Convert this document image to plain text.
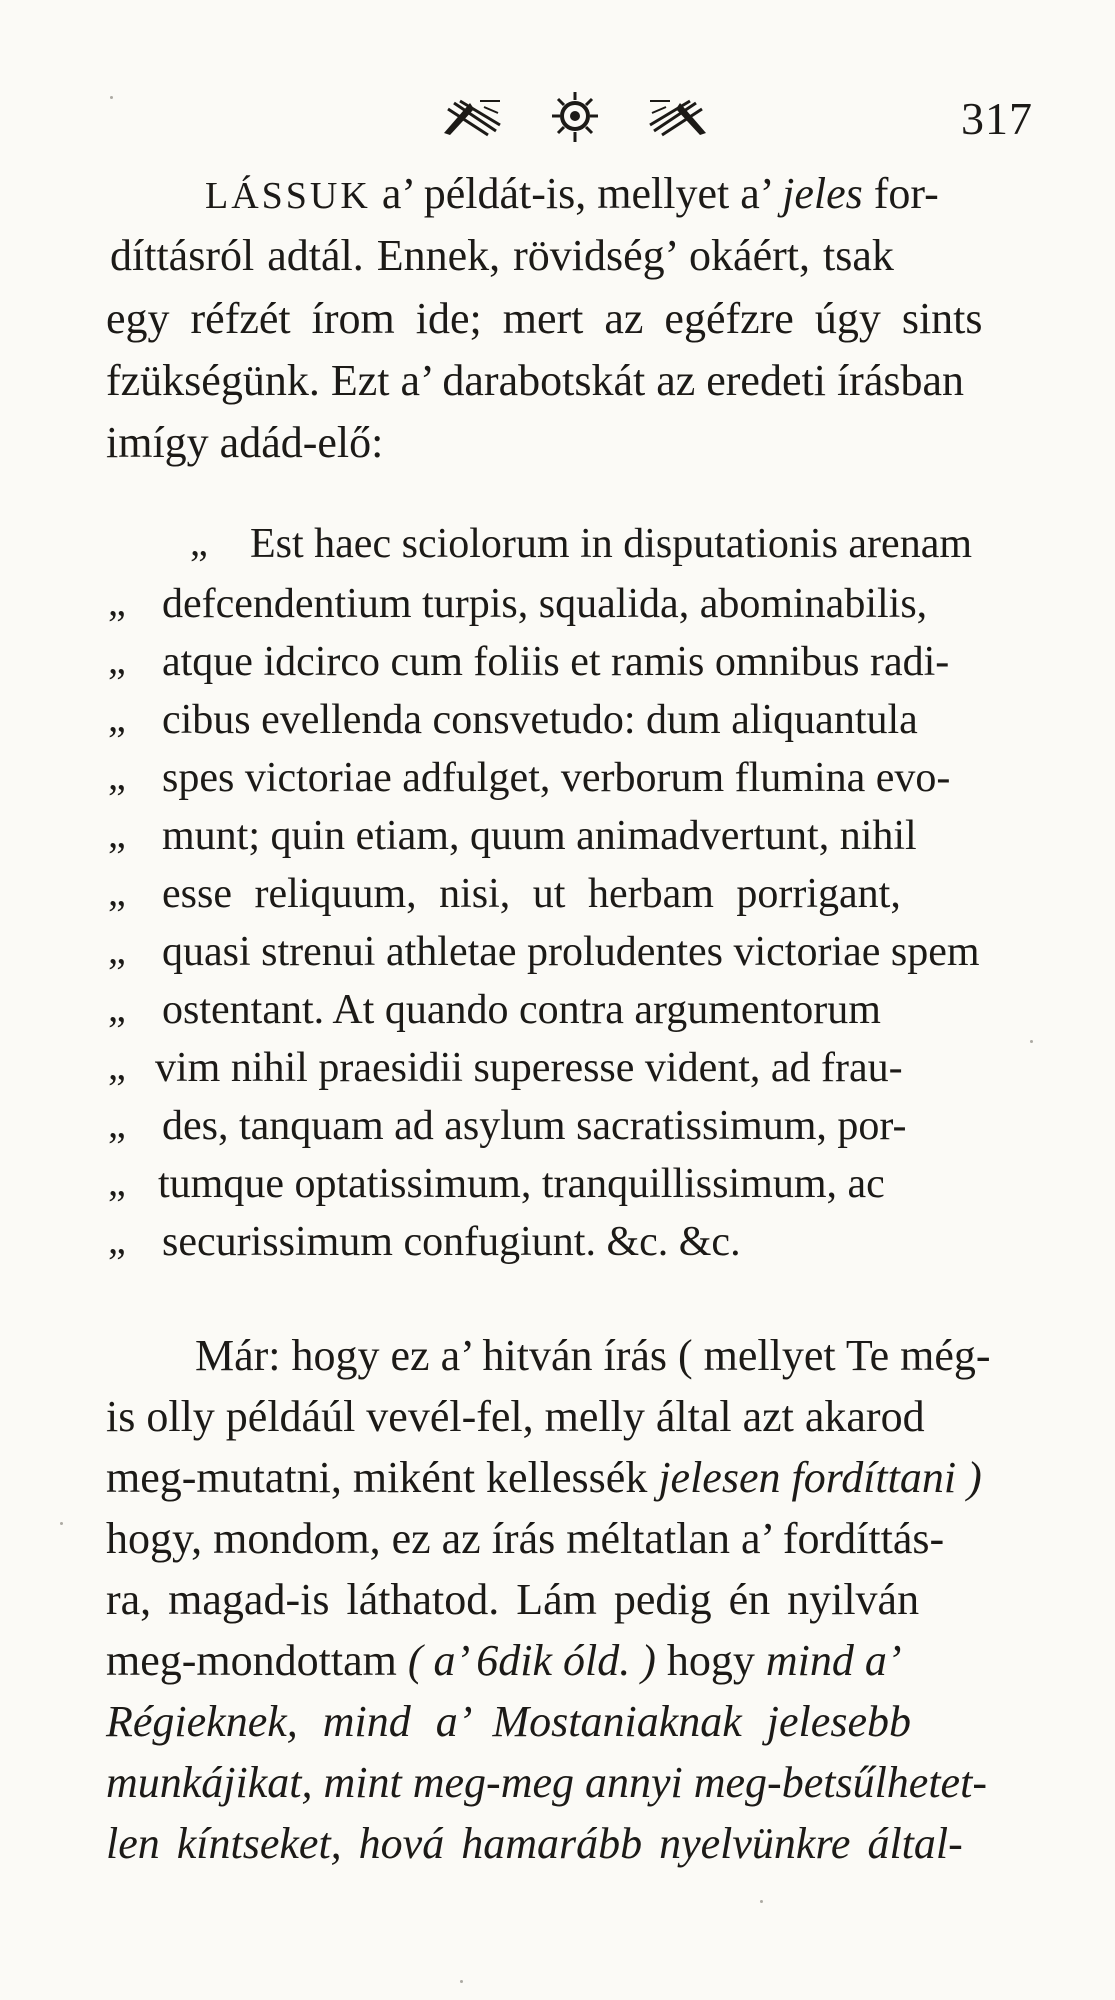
317
LÁSSUK a’ példát-is, mellyet a’ jeles for-
díttásról adtál. Ennek, rövidség’ okáért, tsak
egy réfzét írom ide; mert az egéfzre úgy sints
fzükségünk. Ezt a’ darabotskát az eredeti írásban
imígy adád-elő:
„ Est haec sciolorum in disputationis arenam
„ defcendentium turpis, squalida, abominabilis,
„ atque idcirco cum foliis et ramis omnibus radi-
„ cibus evellenda consvetudo: dum aliquantula
„ spes victoriae adfulget, verborum flumina evo-
„ munt; quin etiam, quum animadvertunt, nihil
„ esse reliquum, nisi, ut herbam porrigant,
„ quasi strenui athletae proludentes victoriae spem
„ ostentant. At quando contra argumentorum
„ vim nihil praesidii superesse vident, ad frau-
„ des, tanquam ad asylum sacratissimum, por-
„ tumque optatissimum, tranquillissimum, ac
„ securissimum confugiunt. &c. &c.
Már: hogy ez a’ hitván írás ( mellyet Te még-
is olly példáúl vevél-fel, melly által azt akarod
meg-mutatni, miként kellessék jelesen fordíttani )
hogy, mondom, ez az írás méltatlan a’ fordíttás-
ra, magad-is láthatod. Lám pedig én nyilván
meg-mondottam ( a’ 6dik óld. ) hogy mind a’
Régieknek, mind a’ Mostaniaknak jelesebb
munkájikat, mint meg-meg annyi meg-betsűlhetet-
len kíntseket, hová hamarább nyelvünkre által-
